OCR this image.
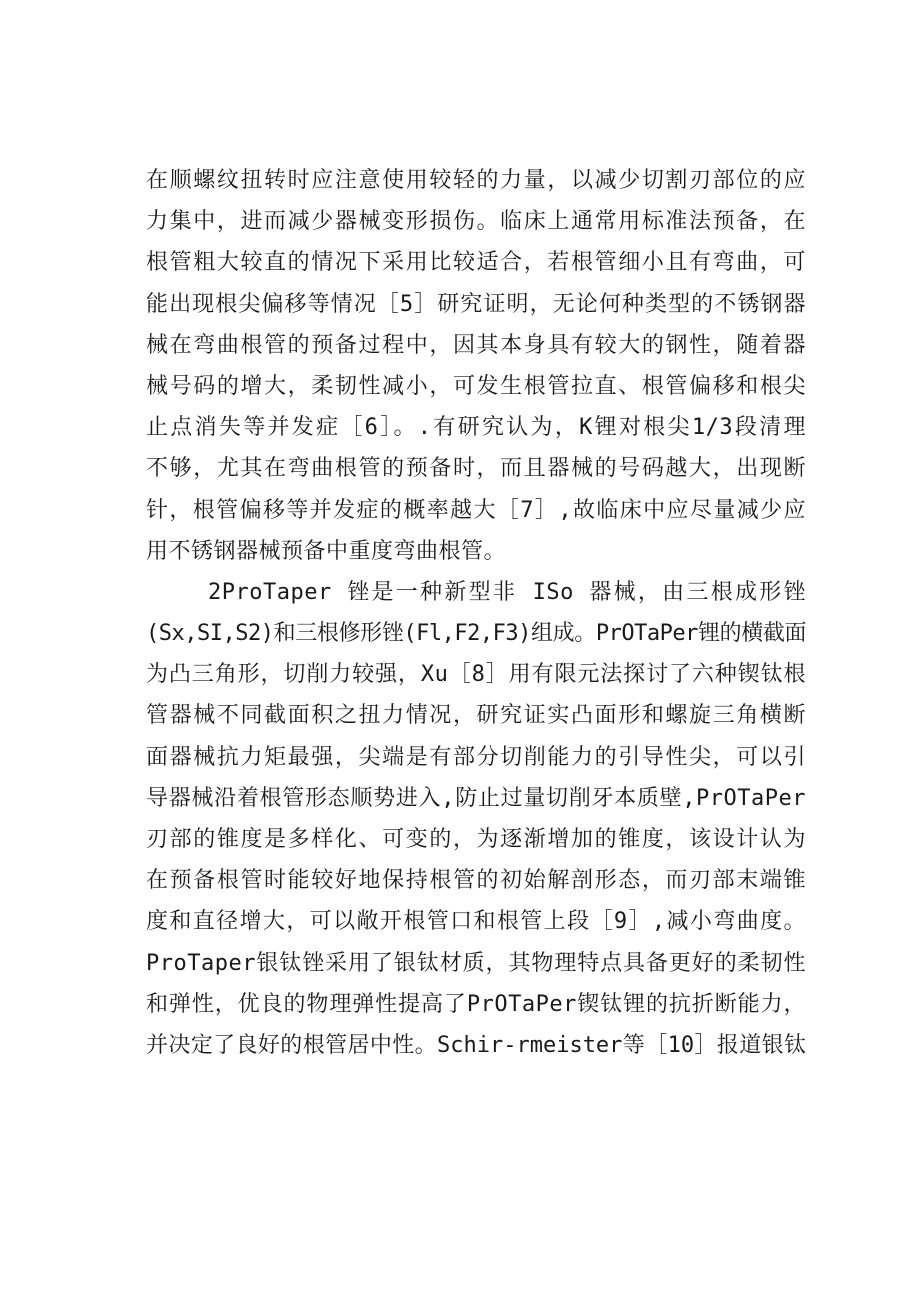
在顺螺纹扭转时应注意使用较轻的力量，以减少切割刃部位的应
力集中，进而减少器械变形损伤。临床上通常用标准法预备，在
根管粗大较直的情况下采用比较适合，若根管细小且有弯曲，可
能出现根尖偏移等情况［5］研究证明，无论何种类型的不锈钢器
械在弯曲根管的预备过程中，因其本身具有较大的钢性，随着器
械号码的增大，柔韧性减小，可发生根管拉直、根管偏移和根尖
止点消失等并发症［6］。.有研究认为，K锂对根尖1/3段清理
不够，尤其在弯曲根管的预备时，而且器械的号码越大，出现断
针，根管偏移等并发症的概率越大［7］,故临床中应尽量减少应
用不锈钢器械预备中重度弯曲根管。
2ProTaper 锉是一种新型非 ISo 器械，由三根成形锉
(Sx,SI,S2)和三根修形锉(Fl,F2,F3)组成。PrOTaPer锂的横截面
为凸三角形，切削力较强，Xu［8］用有限元法探讨了六种锲钛根
管器械不同截面积之扭力情况，研究证实凸面形和螺旋三角横断
面器械抗力矩最强，尖端是有部分切削能力的引导性尖，可以引
导器械沿着根管形态顺势进入,防止过量切削牙本质壁,PrOTaPer
刃部的锥度是多样化、可变的，为逐渐增加的锥度，该设计认为
在预备根管时能较好地保持根管的初始解剖形态，而刃部末端锥
度和直径增大，可以敞开根管口和根管上段［9］,减小弯曲度。
ProTaper银钛锉采用了银钛材质，其物理特点具备更好的柔韧性
和弹性，优良的物理弹性提高了PrOTaPer锲钛锂的抗折断能力，
并决定了良好的根管居中性。Schir-rmeister等［10］报道银钛
